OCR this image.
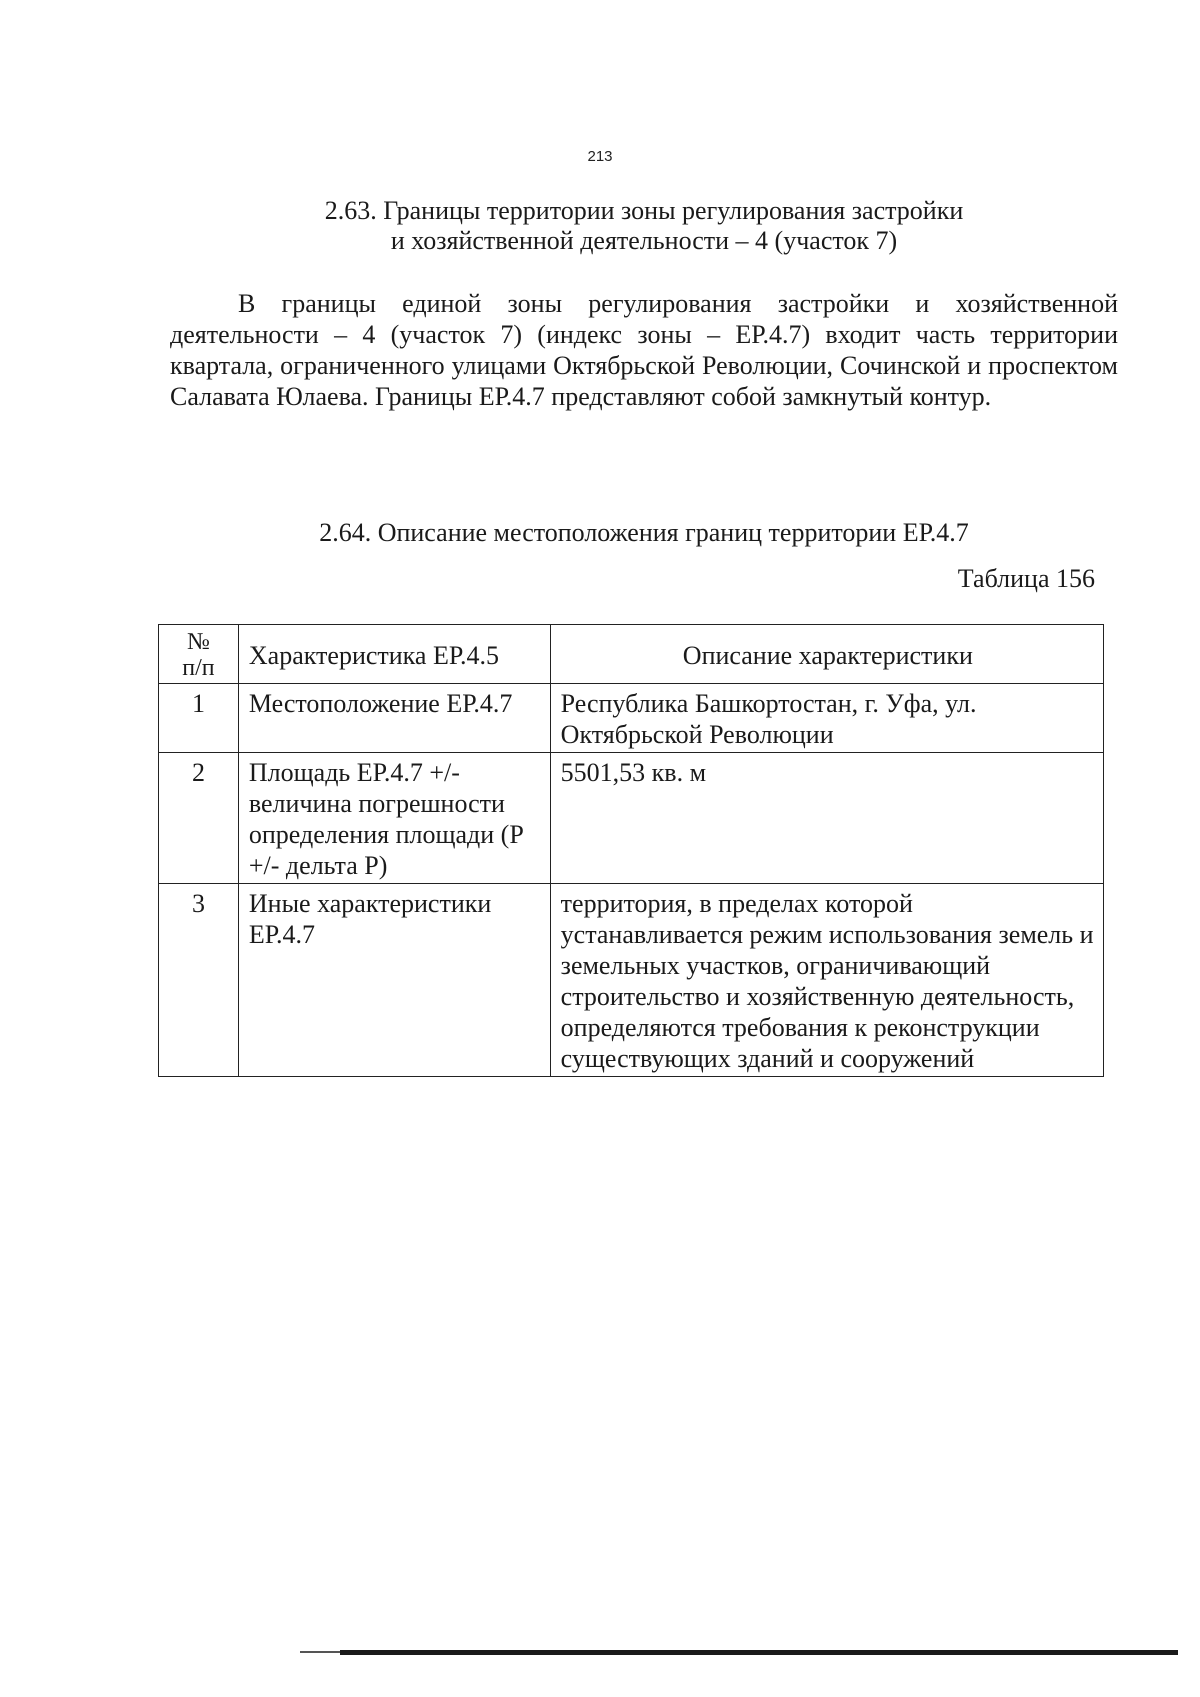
213
2.63. Границы территории зоны регулирования застройки
и хозяйственной деятельности – 4 (участок 7)
В границы единой зоны регулирования застройки и хозяйственной деятельности – 4 (участок 7) (индекс зоны – ЕР.4.7) входит часть территории квартала, ограниченного улицами Октябрьской Революции, Сочинской и проспектом Салавата Юлаева. Границы ЕР.4.7 представляют собой замкнутый контур.
2.64. Описание местоположения границ территории ЕР.4.7
Таблица 156
№
п/п	Характеристика ЕР.4.5	Описание характеристики
1	Местоположение ЕР.4.7	Республика Башкортостан, г. Уфа, ул. Октябрьской Революции
2	Площадь ЕР.4.7 +/- величина погрешности определения площади (Р +/- дельта Р)	5501,53 кв. м
3	Иные характеристики ЕР.4.7	территория, в пределах которой устанавливается режим использования земель и земельных участков, ограничивающий строительство и хозяйственную деятельность, определяются требования к реконструкции существующих зданий и сооружений
